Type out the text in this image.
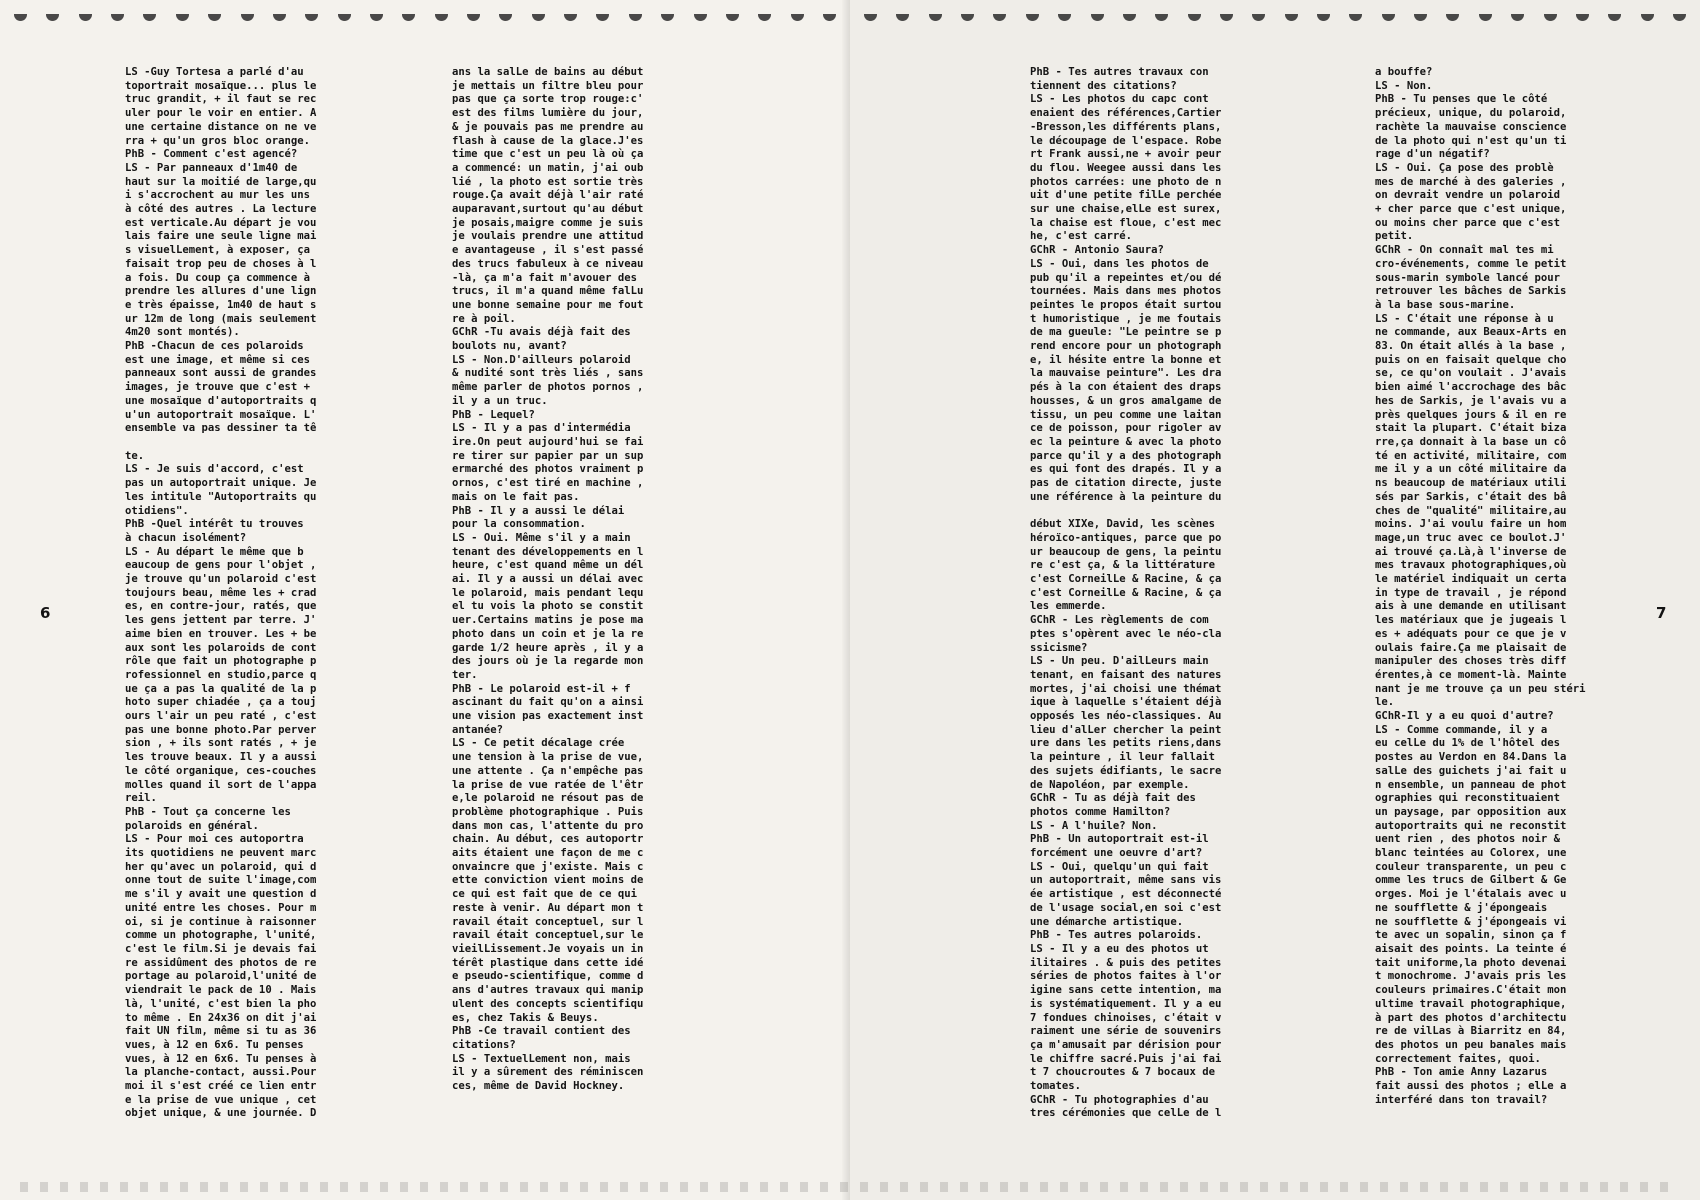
LS -Guy Tortesa a parlé d'au

toportrait mosaïque... plus le

truc grandit, + il faut se rec

uler pour le voir en entier. A

une certaine distance on ne ve

rra + qu'un gros bloc orange.

PhB - Comment c'est agencé?

LS - Par panneaux d'1m40 de

haut sur la moitié de large,qu

i s'accrochent au mur les uns

à côté des autres . La lecture

est verticale.Au départ je vou

lais faire une seule ligne mai

s visuelLement, à exposer, ça

faisait trop peu de choses à l

a fois. Du coup ça commence à

prendre les allures d'une lign

e très épaisse, 1m40 de haut s

ur 12m de long (mais seulement

4m20 sont montés).

PhB -Chacun de ces polaroids

est une image, et même si ces

panneaux sont aussi de grandes

images, je trouve que c'est +

une mosaïque d'autoportraits q

u'un autoportrait mosaïque. L'

ensemble va pas dessiner ta tê

te.

LS - Je suis d'accord, c'est

pas un autoportrait unique. Je

les intitule "Autoportraits qu

otidiens".

PhB -Quel intérêt tu trouves

à chacun isolément?

LS - Au départ le même que b

eaucoup de gens pour l'objet ,

je trouve qu'un polaroid c'est

toujours beau, même les + crad

es, en contre-jour, ratés, que

les gens jettent par terre. J'

aime bien en trouver. Les + be

aux sont les polaroids de cont

rôle que fait un photographe p

rofessionnel en studio,parce q

ue ça a pas la qualité de la p

hoto super chiadée , ça a touj

ours l'air un peu raté , c'est

pas une bonne photo.Par perver

sion , + ils sont ratés , + je

les trouve beaux. Il y a aussi

le côté organique, ces-couches

molles quand il sort de l'appa

reil.

PhB - Tout ça concerne les

polaroids en général.

LS - Pour moi ces autoportra

its quotidiens ne peuvent marc

her qu'avec un polaroid, qui d

onne tout de suite l'image,com

me s'il y avait une question d

unité entre les choses. Pour m

oi, si je continue à raisonner

comme un photographe, l'unité,

c'est le film.Si je devais fai

re assidûment des photos de re

portage au polaroid,l'unité de

viendrait le pack de 10 . Mais

là, l'unité, c'est bien la pho

to même . En 24x36 on dit j'ai

fait UN film, même si tu as 36

vues, à 12 en 6x6. Tu penses

vues, à 12 en 6x6. Tu penses à

la planche-contact, aussi.Pour

moi il s'est créé ce lien entr

e la prise de vue unique , cet

objet unique, & une journée. D

ans la salLe de bains au début

je mettais un filtre bleu pour

pas que ça sorte trop rouge:c'

est des films lumière du jour,

& je pouvais pas me prendre au

flash à cause de la glace.J'es

time que c'est un peu là où ça

a commencé: un matin, j'ai oub

lié , la photo est sortie très

rouge.Ça avait déjà l'air raté

auparavant,surtout qu'au début

je posais,maigre comme je suis

je voulais prendre une attitud

e avantageuse , il s'est passé

des trucs fabuleux à ce niveau

-là, ça m'a fait m'avouer des

trucs, il m'a quand même falLu

une bonne semaine pour me fout

re à poil.

GChR -Tu avais déjà fait des

boulots nu, avant?

LS - Non.D'ailleurs polaroid

& nudité sont très liés , sans

même parler de photos pornos ,

il y a un truc.

PhB - Lequel?

LS - Il y a pas d'intermédia

ire.On peut aujourd'hui se fai

re tirer sur papier par un sup

ermarché des photos vraiment p

ornos, c'est tiré en machine ,

mais on le fait pas.

PhB - Il y a aussi le délai

pour la consommation.

LS - Oui. Même s'il y a main

tenant des développements en l

heure, c'est quand même un dél

ai. Il y a aussi un délai avec

le polaroid, mais pendant lequ

el tu vois la photo se constit

uer.Certains matins je pose ma

photo dans un coin et je la re

garde 1/2 heure après , il y a

des jours où je la regarde mon

ter.

PhB - Le polaroid est-il + f

ascinant du fait qu'on a ainsi

une vision pas exactement inst

antanée?

LS - Ce petit décalage crée

une tension à la prise de vue,

une attente . Ça n'empêche pas

la prise de vue ratée de l'êtr

e,le polaroid ne résout pas de

problème photographique . Puis

dans mon cas, l'attente du pro

chain. Au début, ces autoportr

aits étaient une façon de me c

onvaincre que j'existe. Mais c

ette conviction vient moins de

ce qui est fait que de ce qui

reste à venir. Au départ mon t

ravail était conceptuel, sur l

ravail était conceptuel,sur le

vieilLissement.Je voyais un in

térêt plastique dans cette idé

e pseudo-scientifique, comme d

ans d'autres travaux qui manip

ulent des concepts scientifiqu

es, chez Takis & Beuys.

PhB -Ce travail contient des

citations?

LS - TextuelLement non, mais

il y a sûrement des réminiscen

ces, même de David Hockney.

6

PhB - Tes autres travaux con

tiennent des citations?

LS - Les photos du capc cont

enaient des références,Cartier

-Bresson,les différents plans,

le découpage de l'espace. Robe

rt Frank aussi,ne + avoir peur

du flou. Weegee aussi dans les

photos carrées: une photo de n

uit d'une petite filLe perchée

sur une chaise,elLe est surex,

la chaise est floue, c'est mec

he, c'est carré.

GChR - Antonio Saura?

LS - Oui, dans les photos de

pub qu'il a repeintes et/ou dé

tournées. Mais dans mes photos

peintes le propos était surtou

t humoristique , je me foutais

de ma gueule: "Le peintre se p

rend encore pour un photograph

e, il hésite entre la bonne et

la mauvaise peinture". Les dra

pés à la con étaient des draps

housses, & un gros amalgame de

tissu, un peu comme une laitan

ce de poisson, pour rigoler av

ec la peinture & avec la photo

parce qu'il y a des photograph

es qui font des drapés. Il y a

pas de citation directe, juste

une référence à la peinture du

début XIXe, David, les scènes

héroïco-antiques, parce que po

ur beaucoup de gens, la peintu

re c'est ça, & la littérature

c'est CorneilLe & Racine, & ça

c'est CorneilLe & Racine, & ça

les emmerde.

GChR - Les règlements de com

ptes s'opèrent avec le néo-cla

ssicisme?

LS - Un peu. D'ailLeurs main

tenant, en faisant des natures

mortes, j'ai choisi une thémat

ique à laquelLe s'étaient déjà

opposés les néo-classiques. Au

lieu d'alLer chercher la peint

ure dans les petits riens,dans

la peinture , il leur fallait

des sujets édifiants, le sacre

de Napoléon, par exemple.

GChR - Tu as déjà fait des

photos comme Hamilton?

LS - A l'huile? Non.

PhB - Un autoportrait est-il

forcément une oeuvre d'art?

LS - Oui, quelqu'un qui fait

un autoportrait, même sans vis

ée artistique , est déconnecté

de l'usage social,en soi c'est

une démarche artistique.

PhB - Tes autres polaroids.

LS - Il y a eu des photos ut

ilitaires . & puis des petites

séries de photos faites à l'or

igine sans cette intention, ma

is systématiquement. Il y a eu

7 fondues chinoises, c'était v

raiment une série de souvenirs

ça m'amusait par dérision pour

le chiffre sacré.Puis j'ai fai

t 7 choucroutes & 7 bocaux de

tomates.

GChR - Tu photographies d'au

tres cérémonies que celLe de l

a bouffe?

LS - Non.

PhB - Tu penses que le côté

précieux, unique, du polaroid,

rachète la mauvaise conscience

de la photo qui n'est qu'un ti

rage d'un négatif?

LS - Oui. Ça pose des problè

mes de marché à des galeries ,

on devrait vendre un polaroid

+ cher parce que c'est unique,

ou moins cher parce que c'est

petit.

GChR - On connaît mal tes mi

cro-événements, comme le petit

sous-marin symbole lancé pour

retrouver les bâches de Sarkis

à la base sous-marine.

LS - C'était une réponse à u

ne commande, aux Beaux-Arts en

83. On était allés à la base ,

puis on en faisait quelque cho

se, ce qu'on voulait . J'avais

bien aimé l'accrochage des bâc

hes de Sarkis, je l'avais vu a

près quelques jours & il en re

stait la plupart. C'était biza

rre,ça donnait à la base un cô

té en activité, militaire, com

me il y a un côté militaire da

ns beaucoup de matériaux utili

sés par Sarkis, c'était des bâ

ches de "qualité" militaire,au

moins. J'ai voulu faire un hom

mage,un truc avec ce boulot.J'

ai trouvé ça.Là,à l'inverse de

mes travaux photographiques,où

le matériel indiquait un certa

in type de travail , je répond

ais à une demande en utilisant

les matériaux que je jugeais l

es + adéquats pour ce que je v

oulais faire.Ça me plaisait de

manipuler des choses très diff

érentes,à ce moment-là. Mainte

nant je me trouve ça un peu stéri

le.

GChR-Il y a eu quoi d'autre?

LS - Comme commande, il y a

eu celLe du 1% de l'hôtel des

postes au Verdon en 84.Dans la

salLe des guichets j'ai fait u

n ensemble, un panneau de phot

ographies qui reconstituaient

un paysage, par opposition aux

autoportraits qui ne reconstit

uent rien , des photos noir &

blanc teintées au Colorex, une

couleur transparente, un peu c

omme les trucs de Gilbert & Ge

orges. Moi je l'étalais avec u

ne soufflette & j'épongeais

ne soufflette & j'épongeais vi

te avec un sopalin, sinon ça f

aisait des points. La teinte é

tait uniforme,la photo devenai

t monochrome. J'avais pris les

couleurs primaires.C'était mon

ultime travail photographique,

à part des photos d'architectu

re de vilLas à Biarritz en 84,

des photos un peu banales mais

correctement faites, quoi.

PhB - Ton amie Anny Lazarus

fait aussi des photos ; elLe a

interféré dans ton travail?

7
